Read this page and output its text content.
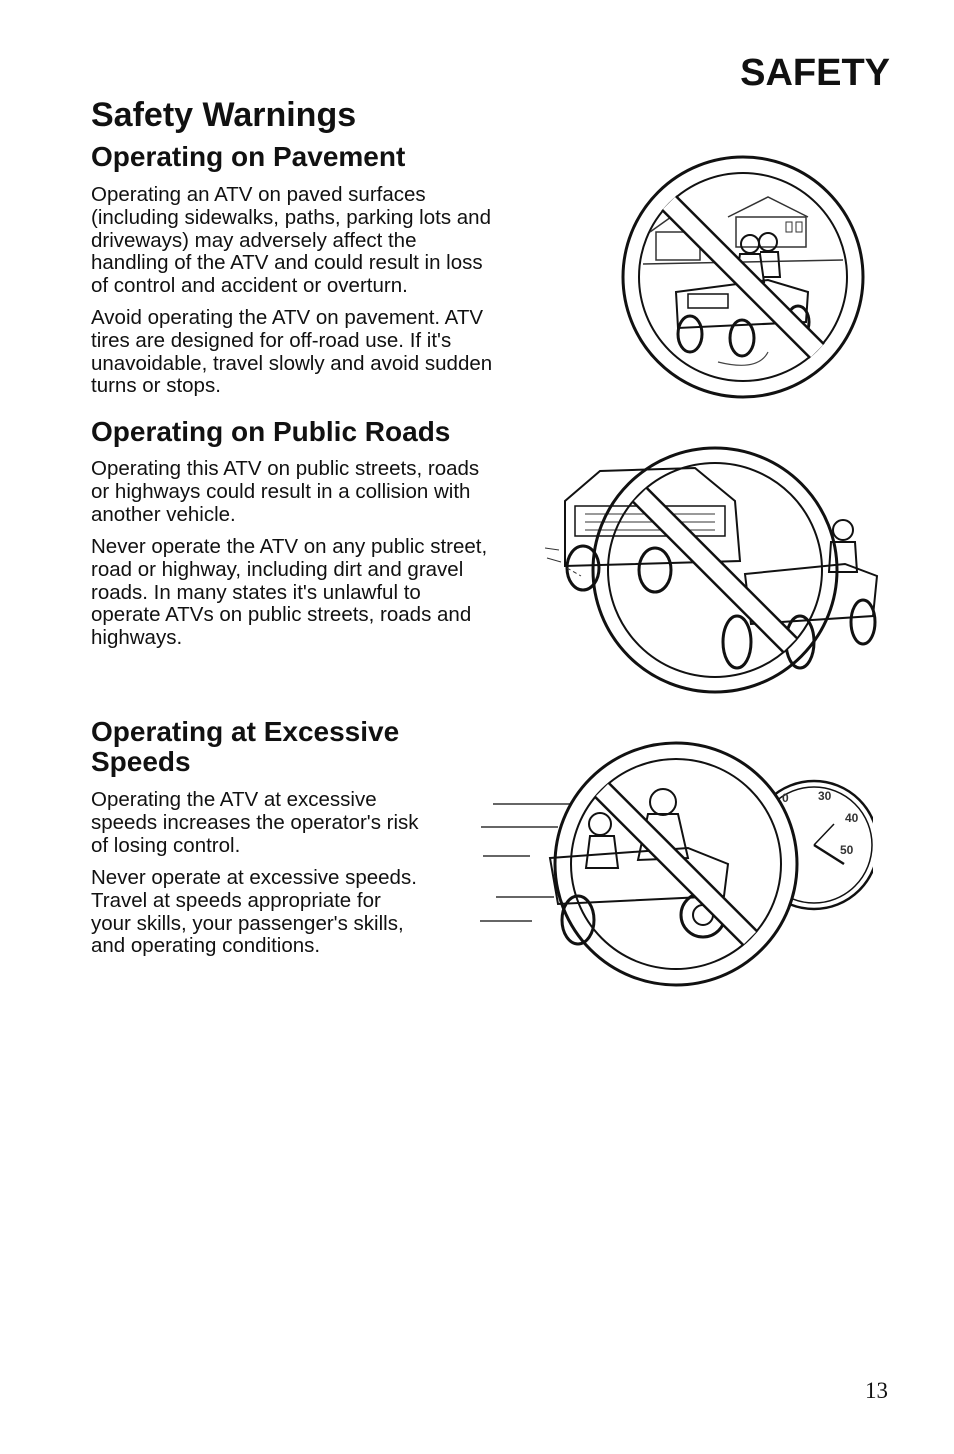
SAFETY
Safety Warnings
Operating on Pavement

Operating an ATV on paved surfaces
(including sidewalks, paths, parking lots and
driveways) may adversely affect the
handling of the ATV and could result in loss
of control and accident or overturn.

Avoid operating the ATV on pavement. ATV
tires are designed for off-road use. If it's
unavoidable, travel slowly and avoid sudden
turns or stops.

Operating on Public Roads

Operating this ATV on public streets, roads
or highways could result in a collision with
another vehicle.

Never operate the ATV on any public street,
road or highway, including dirt and gravel
roads. In many states it's unlawful to
operate ATVs on public streets, roads and
highways.

Operating at Excessive
Speeds

Operating the ATV at excessive
speeds increases the operator's risk
of losing control.

Never operate at excessive speeds.
Travel at speeds appropriate for
your skills, your passenger's skills,
and operating conditions.

0 30
40
50
13
